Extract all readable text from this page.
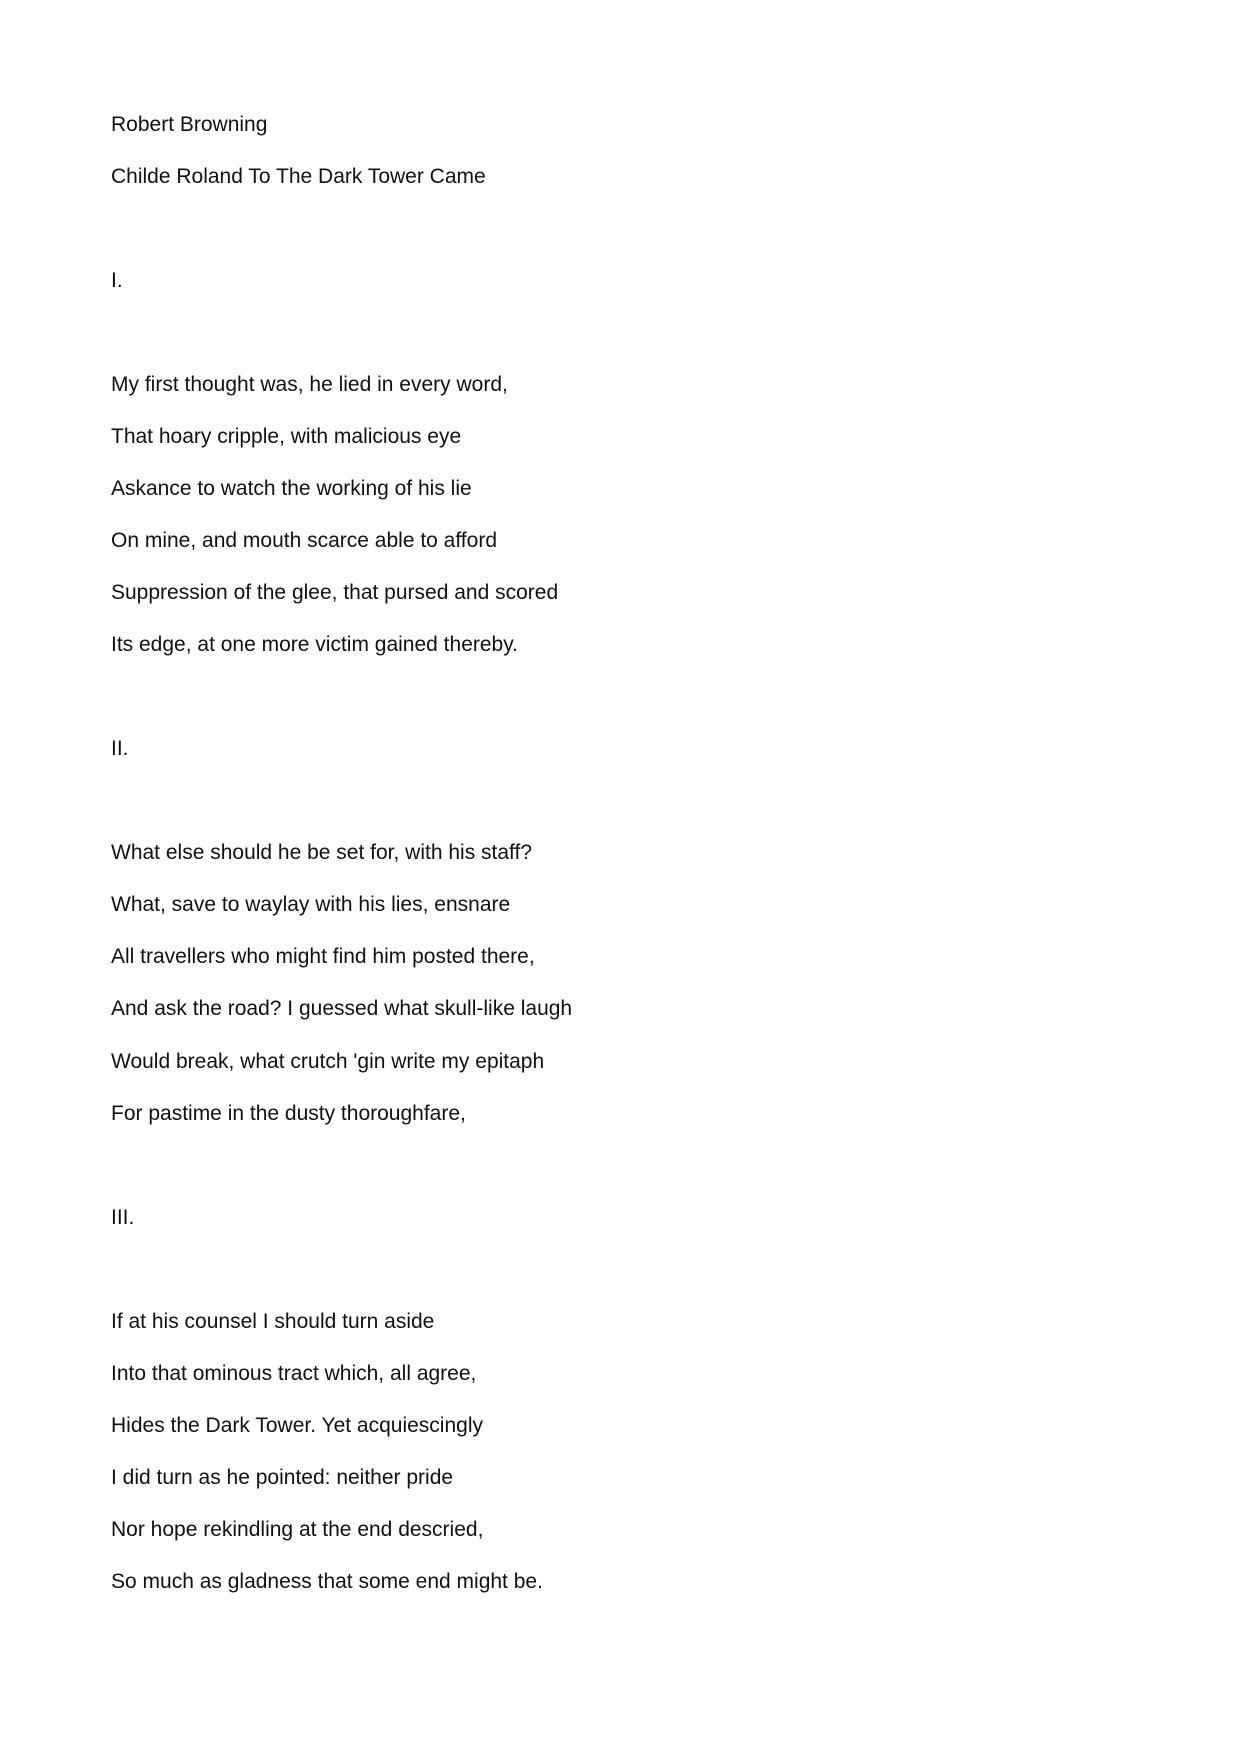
Robert Browning
Childe Roland To The Dark Tower Came
I.
My first thought was, he lied in every word,
That hoary cripple, with malicious eye
Askance to watch the working of his lie
On mine, and mouth scarce able to afford
Suppression of the glee, that pursed and scored
Its edge, at one more victim gained thereby.
II.
What else should he be set for, with his staff?
What, save to waylay with his lies, ensnare
All travellers who might find him posted there,
And ask the road? I guessed what skull-like laugh
Would break, what crutch 'gin write my epitaph
For pastime in the dusty thoroughfare,
III.
If at his counsel I should turn aside
Into that ominous tract which, all agree,
Hides the Dark Tower. Yet acquiescingly
I did turn as he pointed: neither pride
Nor hope rekindling at the end descried,
So much as gladness that some end might be.
